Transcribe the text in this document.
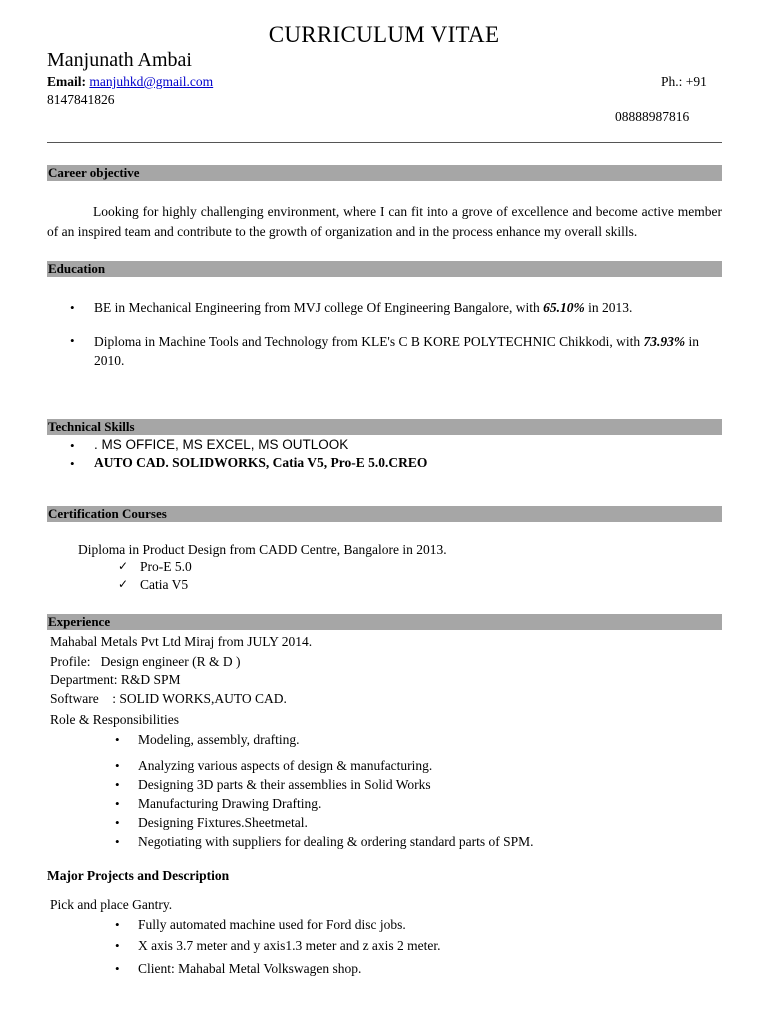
CURRICULUM VITAE
Manjunath Ambai
Email: manjuhkd@gmail.com	Ph.: +91
8147841826
08888987816
Career objective
Looking for highly challenging environment, where I can fit into a grove of excellence and become active member of an inspired team and contribute to the growth of organization and in the process enhance my overall skills.
Education
• BE in Mechanical Engineering from MVJ college Of Engineering Bangalore, with 65.10% in 2013.
• Diploma in Machine Tools and Technology from KLE's C B KORE POLYTECHNIC Chikkodi, with 73.93% in 2010.
Technical Skills
• . MS OFFICE, MS EXCEL, MS OUTLOOK
• AUTO CAD. SOLIDWORKS, Catia V5, Pro-E 5.0.CREO
Certification Courses
Diploma in Product Design from CADD Centre, Bangalore in 2013.
✓ Pro-E 5.0
✓ Catia V5
Experience
Mahabal Metals Pvt Ltd Miraj from JULY 2014.
Profile:   Design engineer (R & D )
Department: R&D SPM
Software    : SOLID WORKS,AUTO CAD.
Role & Responsibilities
• Modeling, assembly, drafting.
• Analyzing various aspects of design & manufacturing.
• Designing 3D parts & their assemblies in Solid Works
• Manufacturing Drawing Drafting.
• Designing Fixtures.Sheetmetal.
• Negotiating with suppliers for dealing & ordering standard parts of SPM.
Major Projects and Description
Pick and place Gantry.
• Fully automated machine used for Ford disc jobs.
• X axis 3.7 meter and y axis1.3 meter and z axis 2 meter.
• Client: Mahabal Metal Volkswagen shop.
